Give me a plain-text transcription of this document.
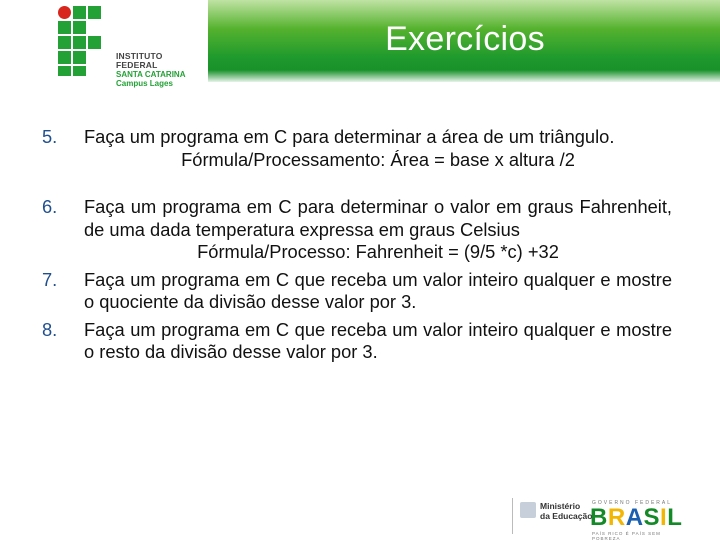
Exercícios
INSTITUTO FEDERAL
SANTA CATARINA
Campus Lages
5.	Faça um programa em C para determinar a área de um triângulo.
Fórmula/Processamento: Área = base x altura /2
6.	Faça um programa em C para determinar o valor em graus Fahrenheit, de uma dada temperatura expressa em graus Celsius
Fórmula/Processo: Fahrenheit = (9/5 *c) +32
7.	Faça um programa em C que receba um valor inteiro qualquer e mostre o quociente da divisão desse valor por 3.
8.	Faça um programa em C que receba um valor inteiro qualquer e mostre o resto da divisão desse valor por 3.
Ministério
da Educação
GOVERNO FEDERAL
BRASIL
PAÍS RICO É PAÍS SEM POBREZA
